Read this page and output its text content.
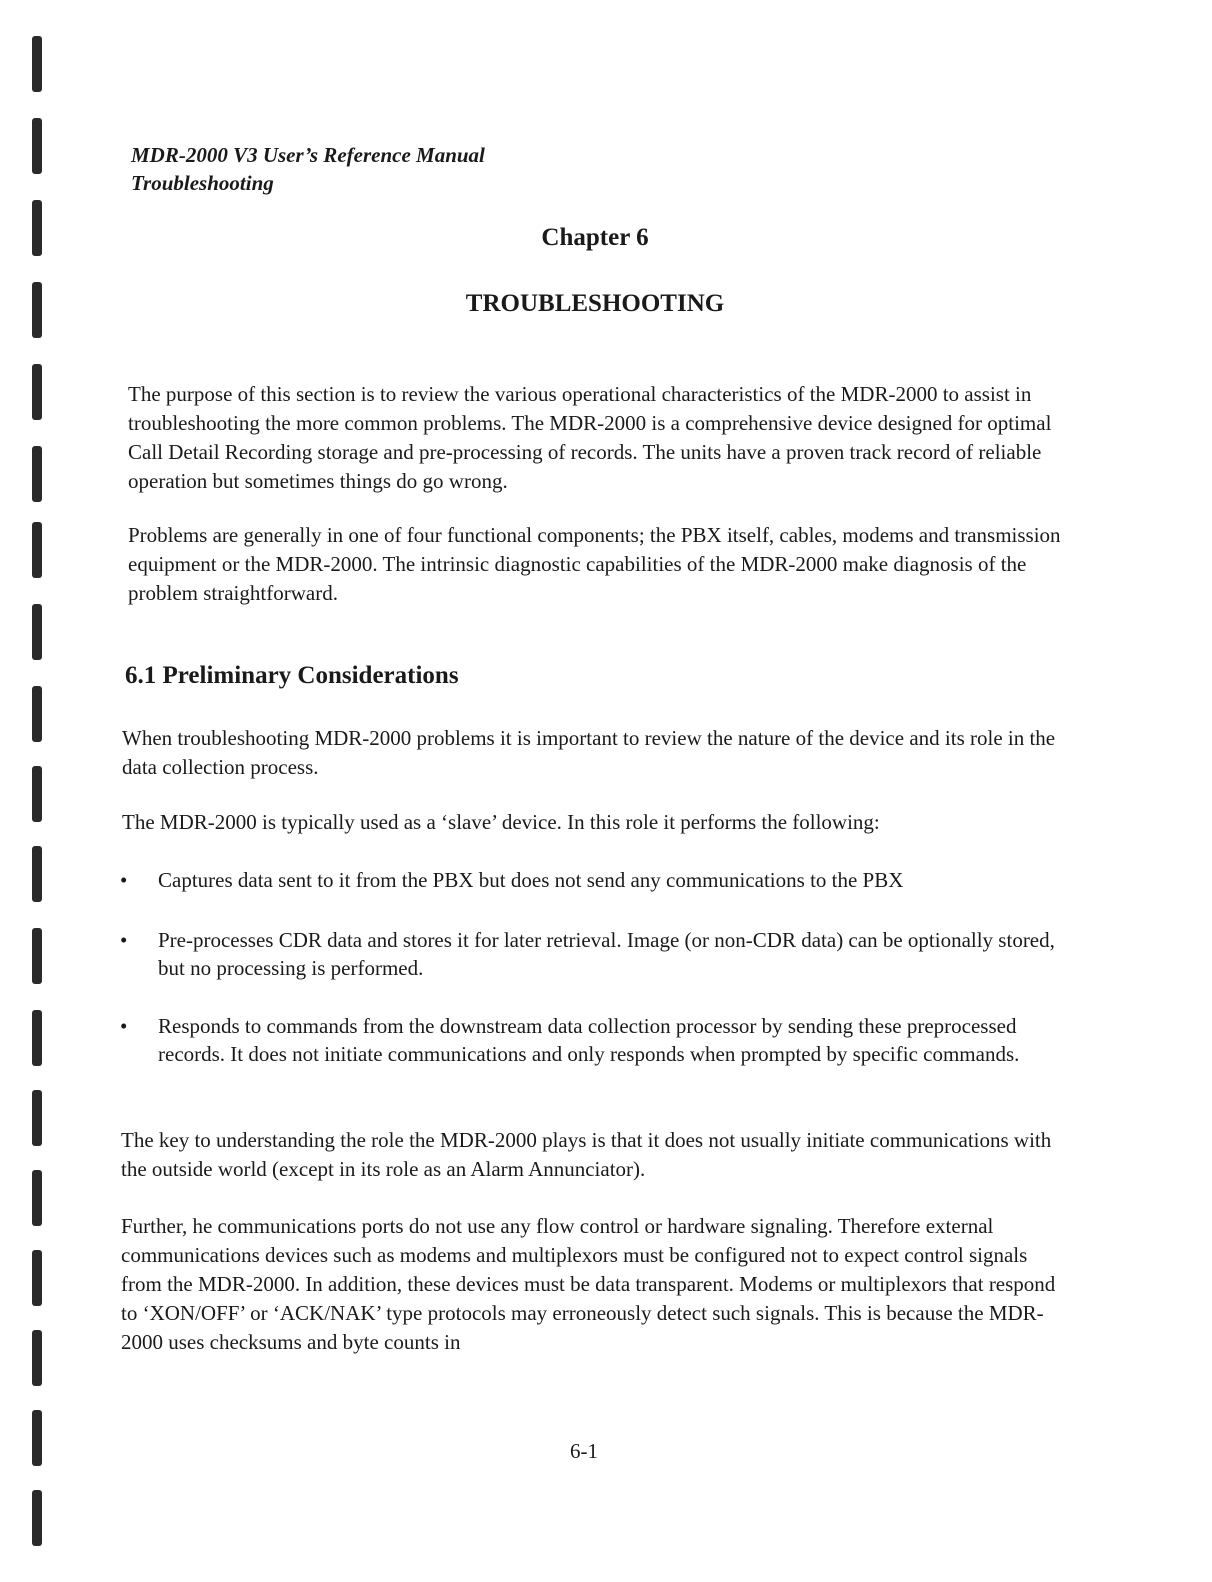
MDR-2000 V3 User’s Reference Manual
Troubleshooting
Chapter 6
TROUBLESHOOTING

The purpose of this section is to review the various operational characteristics of the MDR-2000 to assist in troubleshooting the more common problems. The MDR-2000 is a comprehensive device designed for optimal Call Detail Recording storage and pre-processing of records. The units have a proven track record of reliable operation but sometimes things do go wrong.

Problems are generally in one of four functional components; the PBX itself, cables, modems and transmission equipment or the MDR-2000. The intrinsic diagnostic capabilities of the MDR-2000 make diagnosis of the problem straightforward.

6.1 Preliminary Considerations

When troubleshooting MDR-2000 problems it is important to review the nature of the device and its role in the data collection process.

The MDR-2000 is typically used as a ‘slave’ device. In this role it performs the following:

•	Captures data sent to it from the PBX but does not send any communications to the PBX
•	Pre-processes CDR data and stores it for later retrieval. Image (or non-CDR data) can be optionally stored, but no processing is performed.
•	Responds to commands from the downstream data collection processor by sending these preprocessed records. It does not initiate communications and only responds when prompted by specific commands.

The key to understanding the role the MDR-2000 plays is that it does not usually initiate communications with the outside world (except in its role as an Alarm Annunciator).

Further, he communications ports do not use any flow control or hardware signaling. Therefore external communications devices such as modems and multiplexors must be configured not to expect control signals from the MDR-2000. In addition, these devices must be data transparent. Modems or multiplexors that respond to ‘XON/OFF’ or ‘ACK/NAK’ type protocols may erroneously detect such signals. This is because the MDR-2000 uses checksums and byte counts in

6-1
